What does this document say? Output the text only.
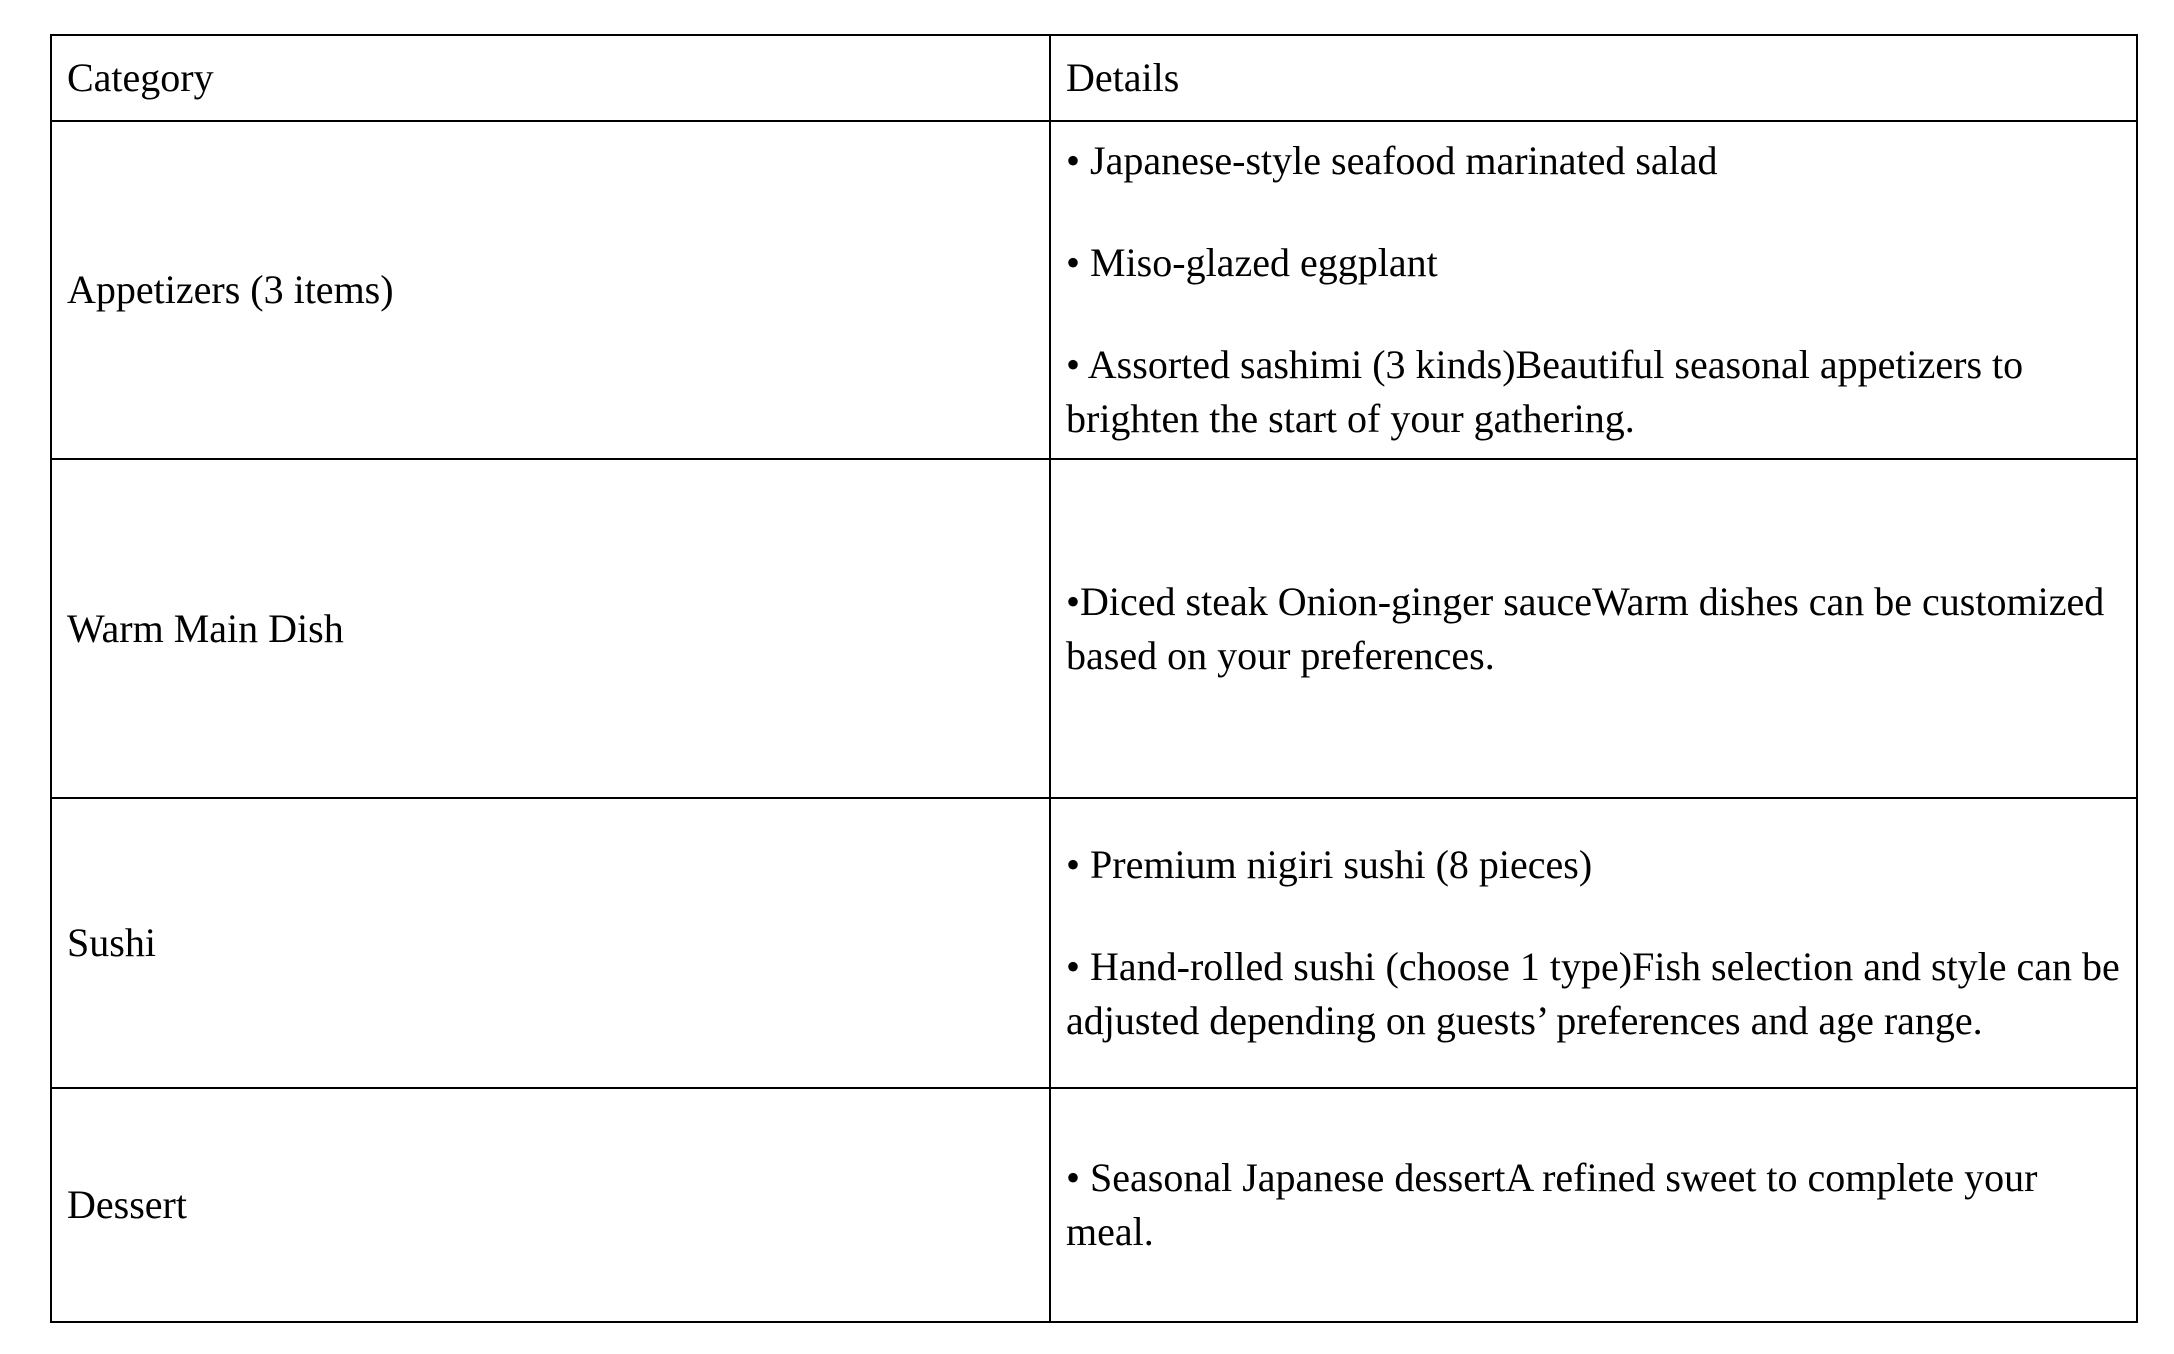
Category	Details
Appetizers (3 items)	• Japanese-style seafood marinated salad
• Miso-glazed eggplant
• Assorted sashimi (3 kinds)Beautiful seasonal appetizers to brighten the start of your gathering.

Warm Main Dish	•Diced steak Onion-ginger sauceWarm dishes can be customized based on your preferences.

Sushi	• Premium nigiri sushi (8 pieces)
• Hand-rolled sushi (choose 1 type)Fish selection and style can be adjusted depending on guests’ preferences and age range.

Dessert	• Seasonal Japanese dessertA refined sweet to complete your meal.
